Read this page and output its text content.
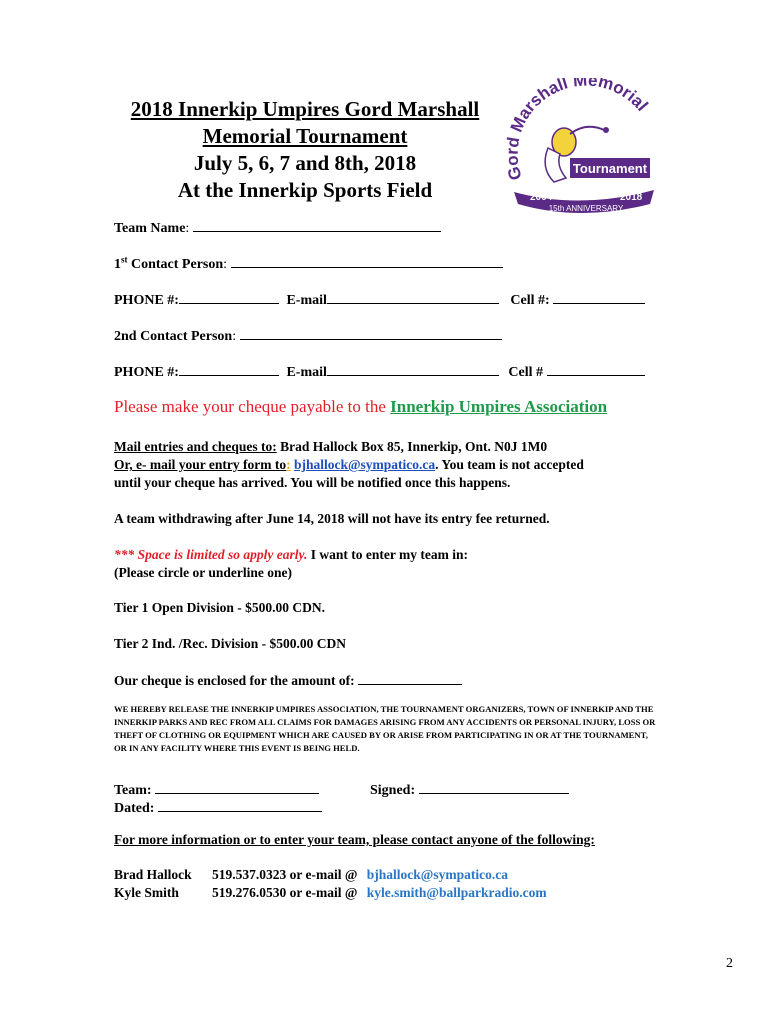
2018 Innerkip Umpires Gord Marshall
Memorial Tournament
July 5, 6, 7 and 8th, 2018
At the Innerkip Sports Field
Gord Marshall Memorial
Tournament
2004	2018
15th ANNIVERSARY
Team Name:
1st Contact Person:
PHONE #:	E-mail	Cell #:
2nd Contact Person:
PHONE #:	E-mail	Cell #
Please make your cheque payable to the Innerkip Umpires Association
Mail entries and cheques to: Brad Hallock Box 85, Innerkip, Ont. N0J 1M0
Or, e- mail your entry form to: bjhallock@sympatico.ca. You team is not accepted
until your cheque has arrived. You will be notified once this happens.
A team withdrawing after June 14, 2018 will not have its entry fee returned.
*** Space is limited so apply early. I want to enter my team in:
(Please circle or underline one)
Tier 1 Open Division - $500.00 CDN.
Tier 2 Ind. /Rec. Division - $500.00 CDN
Our cheque is enclosed for the amount of:
WE HEREBY RELEASE THE INNERKIP UMPIRES ASSOCIATION, THE TOURNAMENT ORGANIZERS, TOWN OF INNERKIP AND THE INNERKIP PARKS AND REC FROM ALL CLAIMS FOR DAMAGES ARISING FROM ANY ACCIDENTS OR PERSONAL INJURY, LOSS OR THEFT OF CLOTHING OR EQUIPMENT WHICH ARE CAUSED BY OR ARISE FROM PARTICIPATING IN OR AT THE TOURNAMENT, OR IN ANY FACILITY WHERE THIS EVENT IS BEING HELD.
Team:	Signed:
Dated:
For more information or to enter your team, please contact anyone of the following:
Brad Hallock 519.537.0323 or e-mail @ bjhallock@sympatico.ca
Kyle Smith 519.276.0530 or e-mail @ kyle.smith@ballparkradio.com
2
